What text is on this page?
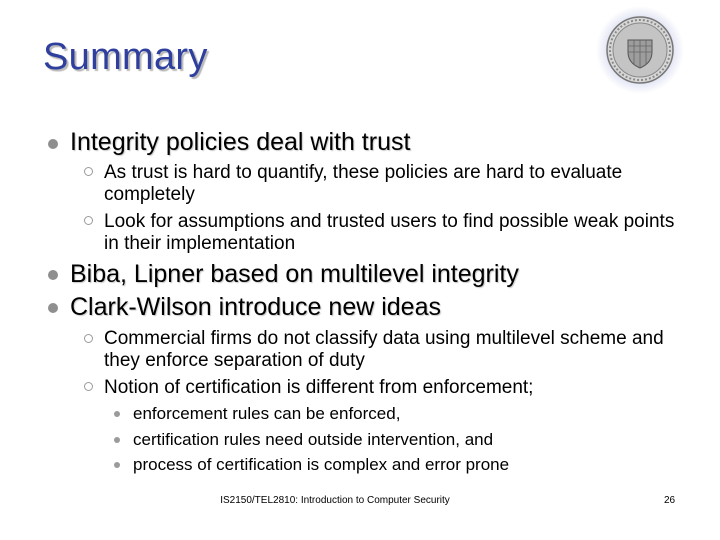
Summary

Integrity policies deal with trust

As trust is hard to quantify, these policies are hard to evaluate completely

Look for assumptions and trusted users to find possible weak points in their implementation

Biba, Lipner based on multilevel integrity

Clark-Wilson introduce new ideas

Commercial firms do not classify data using multilevel scheme and they enforce separation of duty

Notion of certification is different from enforcement;

enforcement rules can be enforced,

certification rules need outside intervention, and

process of certification is complex and error prone

IS2150/TEL2810: Introduction to Computer Security	26
